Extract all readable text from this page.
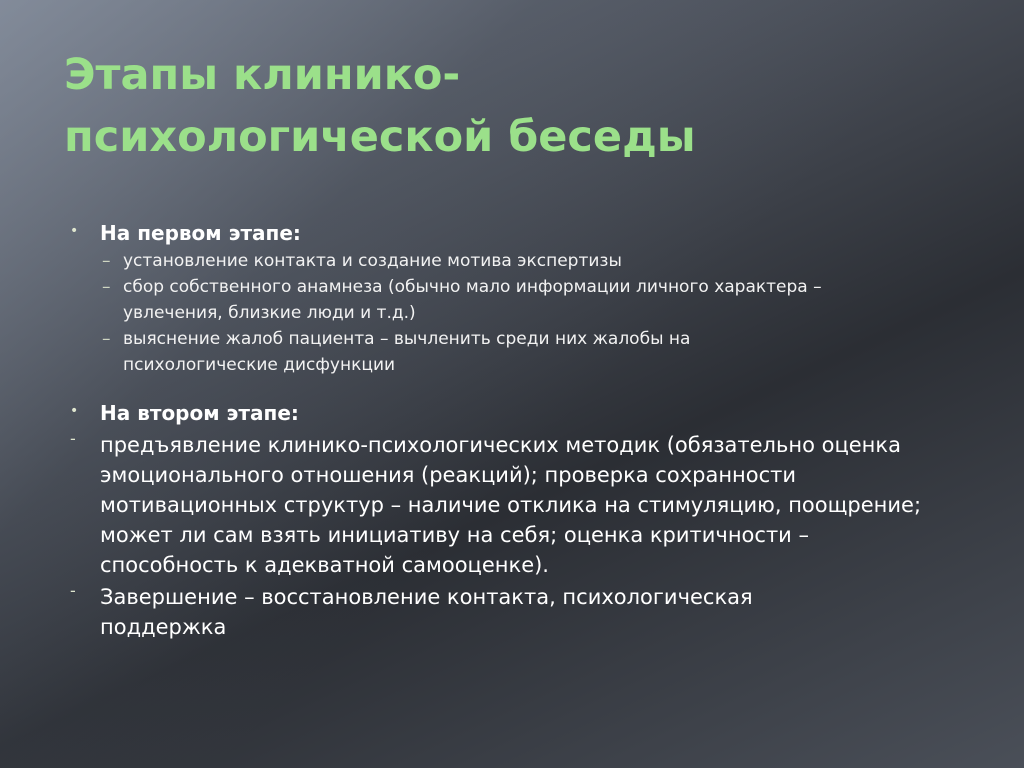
Этапы клинико-
психологической беседы
• На первом этапе:
– установление контакта и создание мотива экспертизы
– сбор собственного анамнеза (обычно мало информации личного характера – увлечения, близкие люди и т.д.)
– выяснение жалоб пациента – вычленить среди них жалобы на психологические дисфункции
• На втором этапе:
- предъявление клинико-психологических методик (обязательно оценка эмоционального отношения (реакций); проверка сохранности мотивационных структур – наличие отклика на стимуляцию, поощрение; может ли сам взять инициативу на себя; оценка критичности – способность к адекватной самооценке).
- Завершение – восстановление контакта, психологическая поддержка
